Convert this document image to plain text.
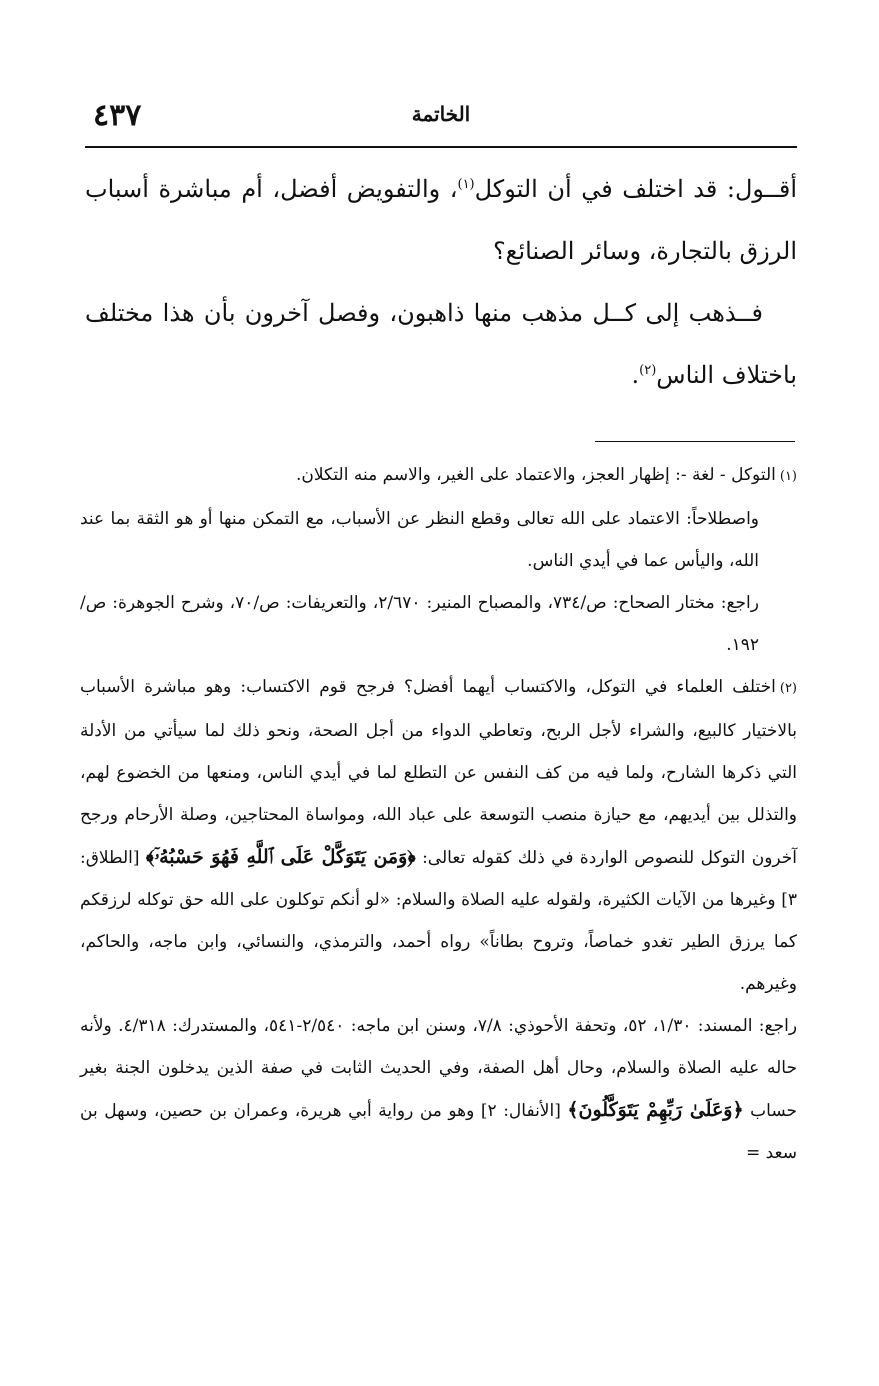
٤٣٧	الخاتمة

أقــول: قد اختلف في أن التوكل$^{(١)}$، والتفويض أفضل، أم مباشرة أسباب الرزق بالتجارة، وسائر الصنائع؟

فــذهب إلى كــل مذهب منها ذاهبون، وفصل آخرون بأن هذا مختلف باختلاف الناس$^{(٢)}$.

(١)التوكل - لغة -: إظهار العجز، والاعتماد على الغير، والاسم منه التكلان.
واصطلاحاً: الاعتماد على الله تعالى وقطع النظر عن الأسباب، مع التمكن منها أو هو الثقة بما عند الله، واليأس عما في أيدي الناس.
راجع: مختار الصحاح: ص/٧٣٤، والمصباح المنير: ٢/٦٧٠، والتعريفات: ص/٧٠، وشرح الجوهرة: ص/١٩٢.
(٢)اختلف العلماء في التوكل، والاكتساب أيهما أفضل؟ فرجح قوم الاكتساب: وهو مباشرة الأسباب بالاختيار كالبيع، والشراء لأجل الربح، وتعاطي الدواء من أجل الصحة، ونحو ذلك لما سيأتي من الأدلة التي ذكرها الشارح، ولما فيه من كف النفس عن التطلع لما في أيدي الناس، ومنعها من الخضوع لهم، والتذلل بين أيديهم، مع حيازة منصب التوسعة على عباد الله، ومواساة المحتاجين، وصلة الأرحام ورجح آخرون التوكل للنصوص الواردة في ذلك كقوله تعالى: ﴿وَمَن يَتَوَكَّلْ عَلَى ٱللَّهِ فَهُوَ حَسْبُهُۥٓ﴾ [الطلاق: ٣] وغيرها من الآيات الكثيرة، ولقوله عليه الصلاة والسلام: «لو أنكم توكلون على الله حق توكله لرزقكم كما يرزق الطير تغدو خماصاً، وتروح بطاناً» رواه أحمد، والترمذي، والنسائي، وابن ماجه، والحاكم، وغيرهم.
راجع: المسند: ١/٣٠، ٥٢، وتحفة الأحوذي: ٧/٨، وسنن ابن ماجه: ٢/٥٤٠-٥٤١، والمستدرك: ٤/٣١٨. ولأنه حاله عليه الصلاة والسلام، وحال أهل الصفة، وفي الحديث الثابت في صفة الذين يدخلون الجنة بغير حساب ﴿وَعَلَىٰ رَبِّهِمْ يَتَوَكَّلُونَ﴾ [الأنفال: ٢] وهو من رواية أبي هريرة، وعمران بن حصين، وسهل بن سعد =
